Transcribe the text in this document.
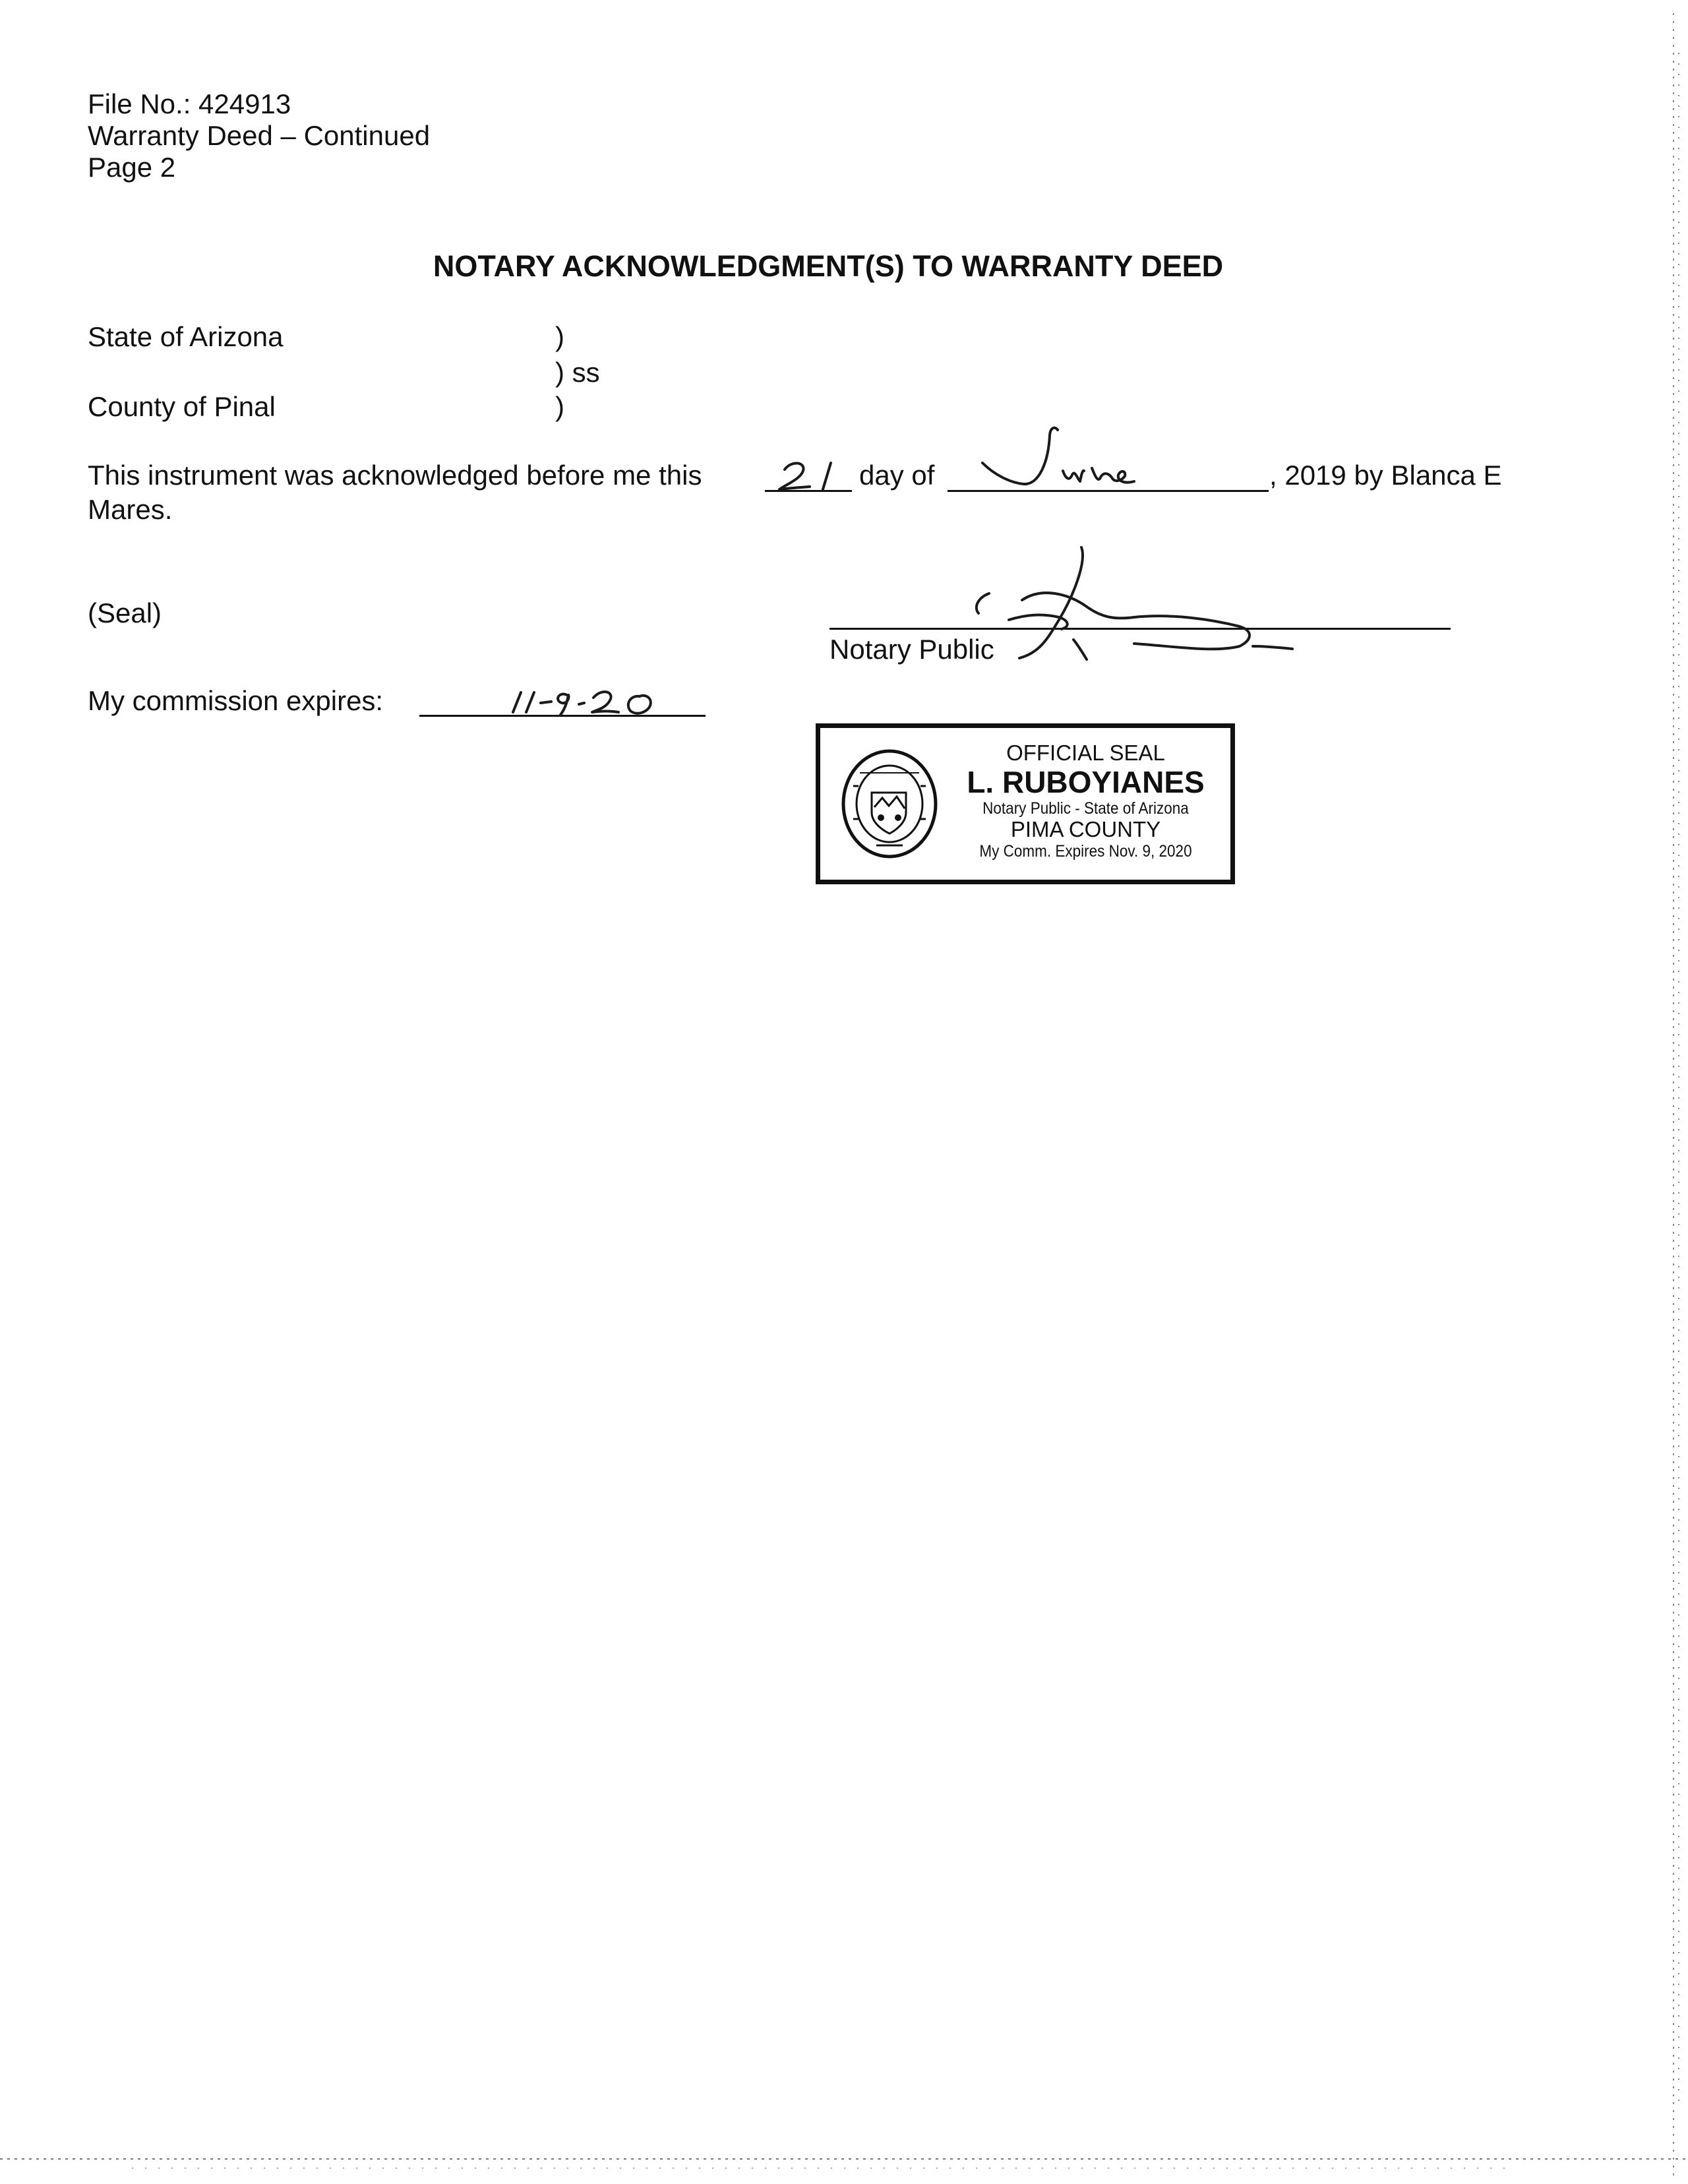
File No.: 424913
Warranty Deed – Continued
Page 2
NOTARY ACKNOWLEDGMENT(S) TO WARRANTY DEED
State of Arizona	)
) ss
County of Pinal	)
This instrument was acknowledged before me this	day of	, 2019 by Blanca E
Mares.
(Seal)
Notary Public
My commission expires:
OFFICIAL SEAL
L. RUBOYIANES
Notary Public - State of Arizona
PIMA COUNTY
My Comm. Expires Nov. 9, 2020
